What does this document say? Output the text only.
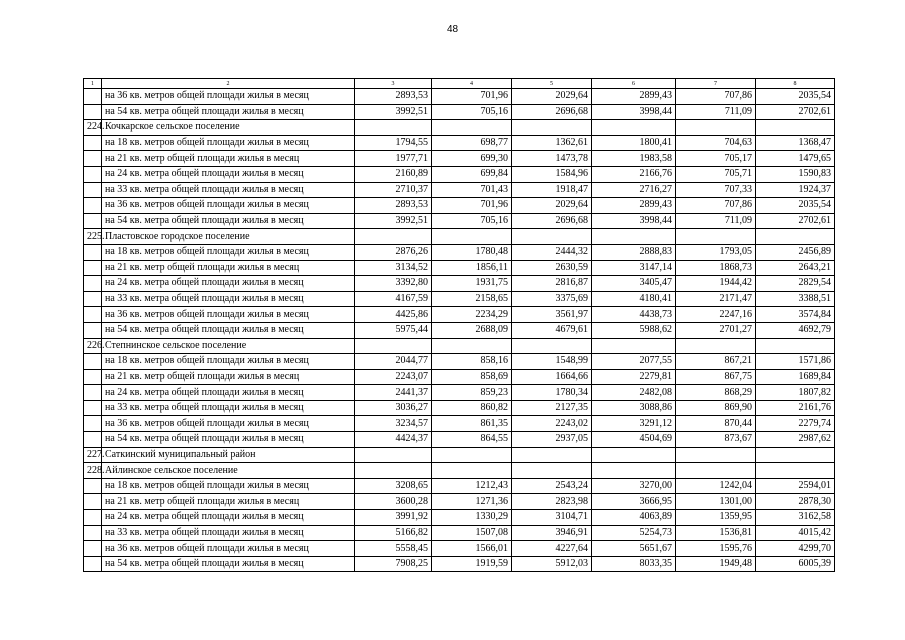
48
1	2	3	4	5	6	7	8
	на 36 кв. метров общей площади жилья в месяц	2893,53	701,96	2029,64	2899,43	707,86	2035,54
	на 54 кв. метра общей площади жилья в месяц	3992,51	705,16	2696,68	3998,44	711,09	2702,61
224.	Кочкарское сельское поселение						
	на 18 кв. метров общей площади жилья в месяц	1794,55	698,77	1362,61	1800,41	704,63	1368,47
	на 21 кв. метр общей площади жилья в месяц	1977,71	699,30	1473,78	1983,58	705,17	1479,65
	на 24 кв. метра общей площади жилья в месяц	2160,89	699,84	1584,96	2166,76	705,71	1590,83
	на 33 кв. метра общей площади жилья в месяц	2710,37	701,43	1918,47	2716,27	707,33	1924,37
	на 36 кв. метров общей площади жилья в месяц	2893,53	701,96	2029,64	2899,43	707,86	2035,54
	на 54 кв. метра общей площади жилья в месяц	3992,51	705,16	2696,68	3998,44	711,09	2702,61
225.	Пластовское городское поселение						
	на 18 кв. метров общей площади жилья в месяц	2876,26	1780,48	2444,32	2888,83	1793,05	2456,89
	на 21 кв. метр общей площади жилья в месяц	3134,52	1856,11	2630,59	3147,14	1868,73	2643,21
	на 24 кв. метра общей площади жилья в месяц	3392,80	1931,75	2816,87	3405,47	1944,42	2829,54
	на 33 кв. метра общей площади жилья в месяц	4167,59	2158,65	3375,69	4180,41	2171,47	3388,51
	на 36 кв. метров общей площади жилья в месяц	4425,86	2234,29	3561,97	4438,73	2247,16	3574,84
	на 54 кв. метра общей площади жилья в месяц	5975,44	2688,09	4679,61	5988,62	2701,27	4692,79
226.	Степнинское сельское поселение						
	на 18 кв. метров общей площади жилья в месяц	2044,77	858,16	1548,99	2077,55	867,21	1571,86
	на 21 кв. метр общей площади жилья в месяц	2243,07	858,69	1664,66	2279,81	867,75	1689,84
	на 24 кв. метра общей площади жилья в месяц	2441,37	859,23	1780,34	2482,08	868,29	1807,82
	на 33 кв. метра общей площади жилья в месяц	3036,27	860,82	2127,35	3088,86	869,90	2161,76
	на 36 кв. метров общей площади жилья в месяц	3234,57	861,35	2243,02	3291,12	870,44	2279,74
	на 54 кв. метра общей площади жилья в месяц	4424,37	864,55	2937,05	4504,69	873,67	2987,62
227.	Саткинский муниципальный район						
228.	Айлинское сельское поселение						
	на 18 кв. метров общей площади жилья в месяц	3208,65	1212,43	2543,24	3270,00	1242,04	2594,01
	на 21 кв. метр общей площади жилья в месяц	3600,28	1271,36	2823,98	3666,95	1301,00	2878,30
	на 24 кв. метра общей площади жилья в месяц	3991,92	1330,29	3104,71	4063,89	1359,95	3162,58
	на 33 кв. метра общей площади жилья в месяц	5166,82	1507,08	3946,91	5254,73	1536,81	4015,42
	на 36 кв. метров общей площади жилья в месяц	5558,45	1566,01	4227,64	5651,67	1595,76	4299,70
	на 54 кв. метра общей площади жилья в месяц	7908,25	1919,59	5912,03	8033,35	1949,48	6005,39
